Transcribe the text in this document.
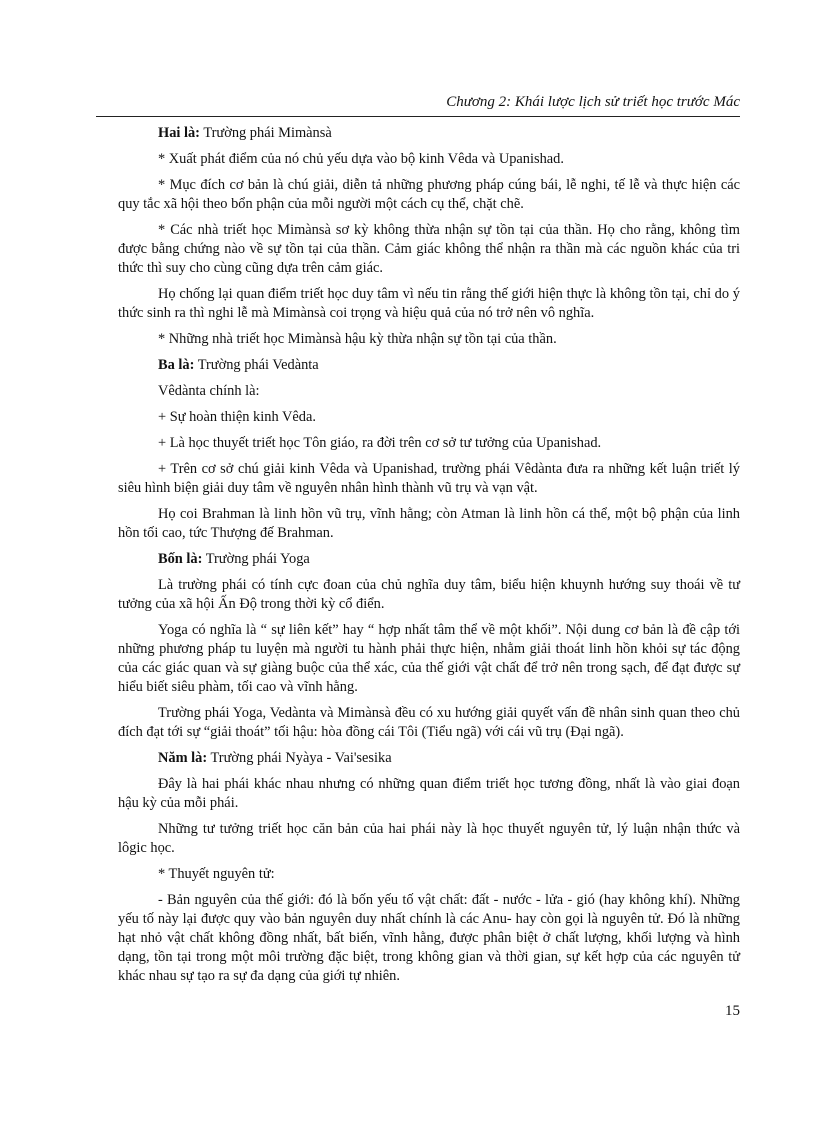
Chương 2: Khái lược lịch sử triết học trước Mác

Hai là: Trường phái Mimànsà

* Xuất phát điểm của nó chủ yếu dựa vào bộ kinh Vêda và Upanishad.

* Mục đích cơ bản là chú giải, diễn tả những phương pháp cúng bái, lễ nghi, tế lễ và thực hiện các quy tắc xã hội theo bổn phận của mỗi người một cách cụ thể, chặt chẽ.

* Các nhà triết học Mimànsà sơ kỳ không thừa nhận sự tồn tại của thần. Họ cho rằng, không tìm được bằng chứng nào về sự tồn tại của thần. Cảm giác không thể nhận ra thần mà các nguồn khác của tri thức thì suy cho cùng cũng dựa trên cảm giác.

Họ chống lại quan điểm triết học duy tâm vì nếu tin rằng thế giới hiện thực là không tồn tại, chỉ do ý thức sinh ra thì nghi lễ mà Mimànsà coi trọng và hiệu quả của nó trở nên vô nghĩa.

* Những nhà triết học Mimànsà hậu kỳ thừa nhận sự tồn tại của thần.

Ba là: Trường phái Vedànta

Vêdànta chính là:

+ Sự hoàn thiện kinh Vêda.

+ Là học thuyết triết học Tôn giáo, ra đời trên cơ sở tư tưởng của Upanishad.

+ Trên cơ sở chú giải kinh Vêda và Upanishad, trường phái Vêdànta đưa ra những kết luận triết lý siêu hình biện giải duy tâm về nguyên nhân hình thành vũ trụ và vạn vật.

Họ coi Brahman là linh hồn vũ trụ, vĩnh hằng; còn Atman là linh hồn cá thể, một bộ phận của linh hồn tối cao, tức Thượng đế Brahman.

Bốn là: Trường phái Yoga

Là trường phái có tính cực đoan của chủ nghĩa duy tâm, biểu hiện khuynh hướng suy thoái về tư tưởng của xã hội Ấn Độ trong thời kỳ cổ điển.

Yoga có nghĩa là “ sự liên kết” hay “ hợp nhất tâm thể về một khối”. Nội dung cơ bản là đề cập tới những phương pháp tu luyện mà người tu hành phải thực hiện, nhằm giải thoát linh hồn khỏi sự tác động của các giác quan và sự giàng buộc của thể xác, của thế giới vật chất để trở nên trong sạch, để đạt được sự hiểu biết siêu phàm, tối cao và vĩnh hằng.

Trường phái Yoga, Vedànta và Mimànsà đều có xu hướng giải quyết vấn đề nhân sinh quan theo chủ đích đạt tới sự “giải thoát” tối hậu: hòa đồng cái Tôi (Tiểu ngã) với cái vũ trụ (Đại ngã).

Năm là: Trường phái Nyàya - Vai'sesika

Đây là hai phái khác nhau nhưng có những quan điểm triết học tương đồng, nhất là vào giai đoạn hậu kỳ của mỗi phái.

Những tư tưởng triết học căn bản của hai phái này là học thuyết nguyên tử, lý luận nhận thức và lôgic học.

* Thuyết nguyên tử:

- Bản nguyên của thế giới: đó là bốn yếu tố vật chất: đất - nước - lửa - gió (hay không khí). Những yếu tố này lại được quy vào bản nguyên duy nhất chính là các Anu- hay còn gọi là nguyên tử. Đó là những hạt nhỏ vật chất không đồng nhất, bất biến, vĩnh hằng, được phân biệt ở chất lượng, khối lượng và hình dạng, tồn tại trong một môi trường đặc biệt, trong không gian và thời gian, sự kết hợp của các nguyên tử khác nhau sự tạo ra sự đa dạng của giới tự nhiên.

15
